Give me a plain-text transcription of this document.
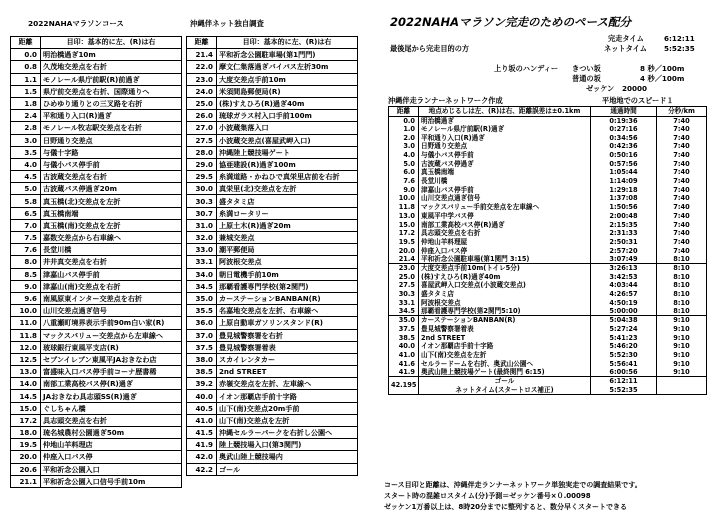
2022NAHAマラソンコース	沖縄伴ネット独自調査
距離	目印：基本的に左、(R)は右
0.0	明治橋過ぎ10m
0.8	久茂地交差点を右折
1.1	モノレール県庁前駅(R)前過ぎ
1.5	県庁前交差点を右折、国際通りへ
1.8	ひめゆり通りとの三叉路を右折
2.4	平和通り入口(R)過ぎ
2.8	モノレール牧志駅交差点を右折
3.0	日野通り交差点
3.5	与儀十字路
4.0	与儀小バス停手前
4.5	古波蔵交差点を右折
5.0	古波蔵バス停過ぎ20m
5.8	真玉橋(北)交差点を左折
6.5	真玉橋南端
7.0	真玉橋(南)交差点を左折
7.5	嘉数交差点から右車線へ
7.6	長堂川橋
8.0	井井真交差点を右折
8.5	津嘉山バス停手前
9.0	津嘉山(南)交差点を右折
9.6	南風原東インター交差点を右折
10.0	山川交差点過ぎ信号
11.0	八重瀬町境界表示手前90m白い家(R)
11.8	マックスバリュー交差点から左車線へ
12.0	玻球銀行東風平支店(R)
12.5	セブンイレブン東風平JAおきなわ店
13.0	富盛味入口バス停手前コーナ歴書稀
14.0	南部工業高校バス停(R)過ぎ
14.5	JAおきなわ具志頭SS(R)過ぎ
15.0	ぐしちゃん橋
17.2	具志頭交差点を右折
18.0	琉名城農村公園過ぎ50m
19.5	仲地山羊料理店
20.0	仲座入口バス停
20.6	平和祈念公園入口
21.1	平和祈念公園入口信号手前10m
距離	目印：基本的に左、(R)は右
21.4	平和祈念公園駐車場(第1門門)
22.0	摩文仁集落過ぎバイパス左折30m
23.0	大度交差点手前10m
24.0	米須間島郵便局(R)
25.0	(株)すえひろ(R)過ぎ40m
26.0	琉球ガラス村入口手前100m
27.0	小波蔵集落入口
27.5	小波蔵交差点(喜屋武岬入口)
28.0	沖縄陸上競技場ゲート
29.0	協亜建設(R)過ぎ100m
29.5	糸満道路・かねひで真栄里店前を右折
30.0	真栄里(北)交差点を左折
30.3	盛タタミ店
30.7	糸満ロータリー
31.0	上原土木(R)過ぎ20m
32.0	兼城交差点
33.0	潮平郵便局
33.1	阿波根交差点
34.0	朝日電機手前10m
34.5	那覇看護専門学校(第2関門)
35.0	カーステーションBANBAN(R)
35.5	名嘉地交差点を左折、右車線へ
36.0	上原自動車ガソリンスタンド(R)
37.0	豊見城警察署を右折
37.5	豊見城警察署着表
38.0	スカイレンタカー
38.5	2nd STREET
39.2	赤嶺交差点を左折、左車線へ
40.0	イオン那覇店手前十字路
40.5	山下(南)交差点20m手前
41.0	山下(南)交差点を左折
41.5	沖縄セルラーパークを右折し公園へ
41.9	陸上競技場入口(第3関門)
42.0	奥武山陸上競技場内
42.2	ゴール
2022NAHAマラソン完走のためのペース配分
完走タイム	6:12:11
最後尾から完走目的の方	ネットタイム 5:52:35
上り坂のハンディー きつい坂	8 秒／100m
普通の坂	4 秒／100m
ゼッケン 20000
沖縄伴走ランナーネットワーク作成	平地地でのスピード１
距離	地点めじるしは左、(R)は右、距離誤差は±0.1km	通過時間	分秒/km
0.0	明治橋過ぎ	0:19:36	7:40
1.0	モノレール県庁前駅(R)過ぎ	0:27:16	7:40
2.0	平和通り入口(R)過ぎ	0:34:56	7:40
3.0	日野通り交差点	0:42:36	7:40
4.0	与儀小バス停手前	0:50:16	7:40
5.0	古波蔵バス停過ぎ	0:57:56	7:40
6.0	真玉橋南端	1:05:44	7:40
7.6	長堂川橋	1:14:09	7:40
9.0	津嘉山バス停手前	1:29:18	7:40
10.0	山川交差点過ぎ信号	1:37:08	7:40
11.8	マックスバリュー手前交差点を左車線へ	1:50:56	7:40
13.0	東風平中学バス停	2:00:48	7:40
15.0	南部工業高校バス停(R)過ぎ	2:15:35	7:40
17.2	具志頭交差点を右折	2:31:33	7:40
19.5	仲地山羊料理屋	2:50:31	7:40
20.0	仲座入口バス停	2:57:20	7:40
21.4	平和祈念公園駐車場(第1関門 3:15)	3:07:49	8:10
23.0	大度交差点手前10m(トイレ5分)	3:26:13	8:10
25.0	(株)すえひろ(R)過ぎ40m	3:42:53	8:10
27.5	喜屋武岬入口交差点(小波蔵交差点)	4:03:44	8:10
30.3	盛タタミ店	4:26:57	8:10
33.1	阿波根交差点	4:50:19	8:10
34.5	那覇看護専門学校(第2関門5:10)	5:00:00	8:10
35.0	カーステーションBANBAN(R)	5:04:38	9:10
37.5	豊見城警察署着表	5:27:24	9:10
38.5	2nd STREET	5:41:23	9:10
40.0	イオン那覇店手前十字路	5:46:20	9:10
41.0	山下(南)交差点を左折	5:52:30	9:10
41.6	セルラードームを右折、奥武山公園へ	5:56:41	9:10
41.9	奥武山陸上競技場ゲート(最終関門 6:15)	6:00:56	9:10
42.195	ゴール	6:12:11	
	ネットタイム(スタートロス補正)	5:52:35	
コース目印と距離は、沖縄伴走ランナーネットワーク単独実走での調査結果です。
スタート時の混雑ロスタイム(分)予測＝ゼッケン番号×０.00098
ゼッケン1万番以上は、8時20分までに整列すると、数分早くスタートできる
